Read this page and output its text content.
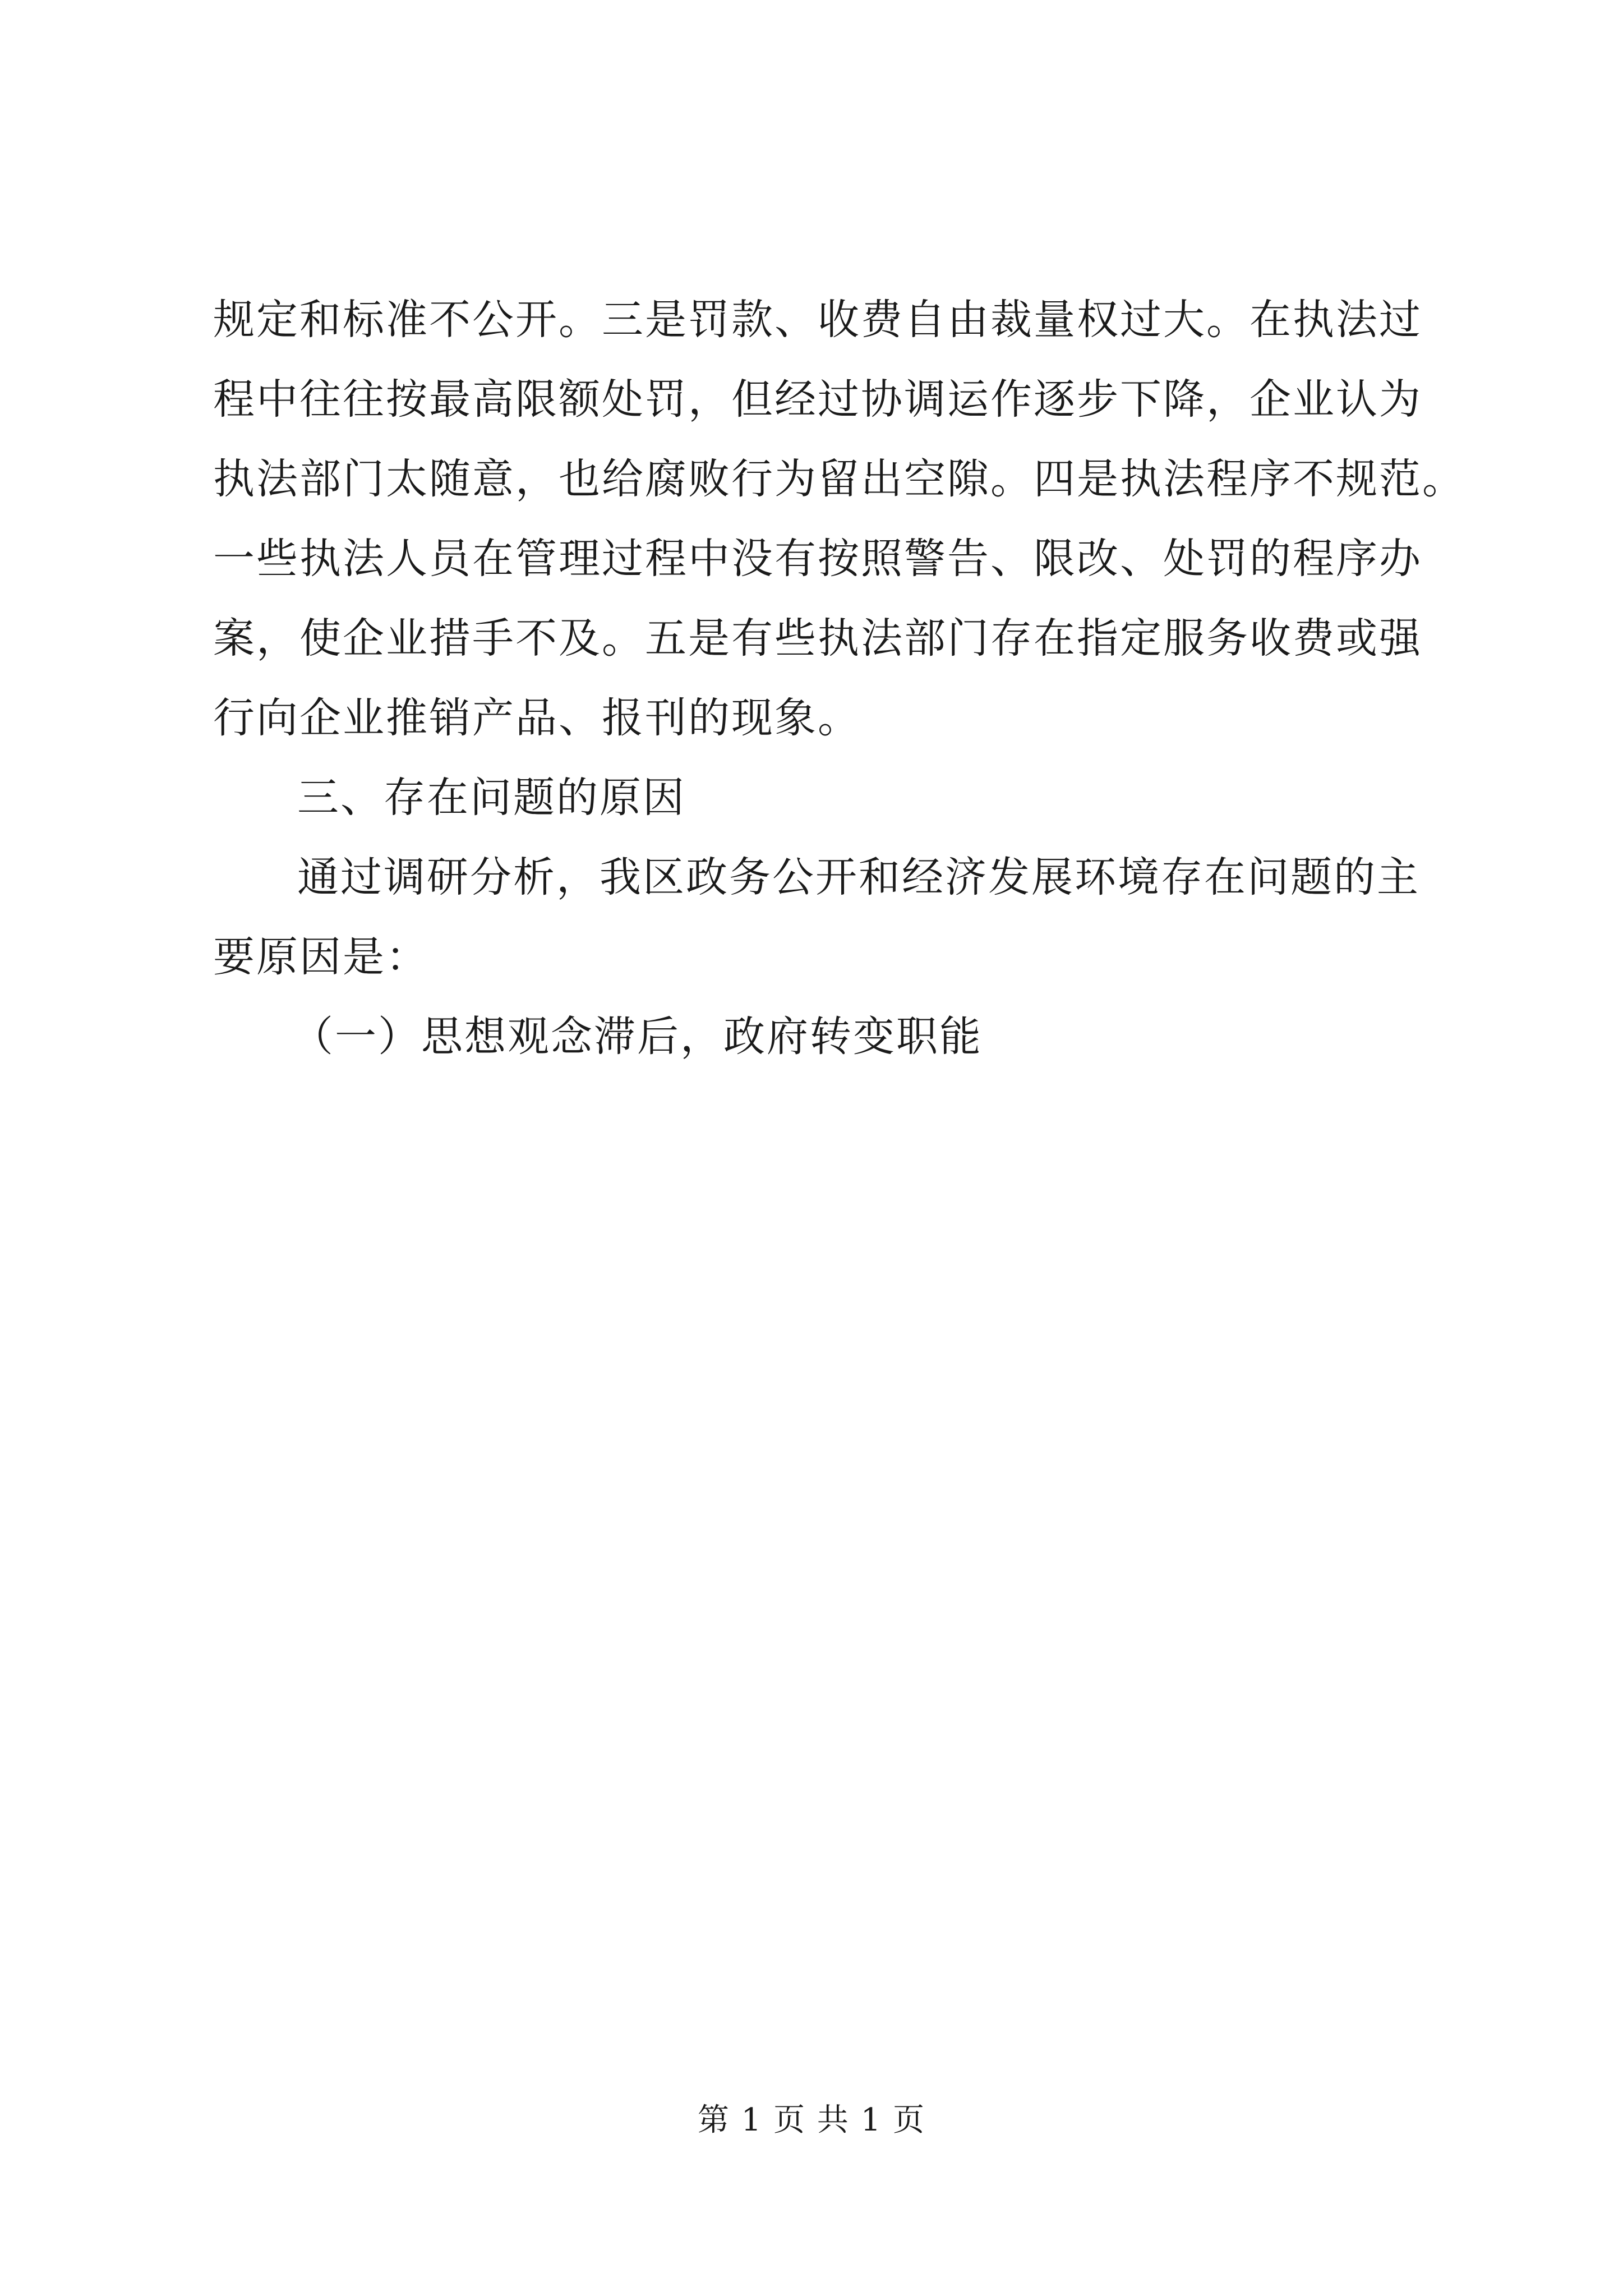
规定和标准不公开。三是罚款、收费自由裁量权过大。在执法过
程中往往按最高限额处罚，但经过协调运作逐步下降，企业认为
执法部门太随意，也给腐败行为留出空隙。四是执法程序不规范。
一些执法人员在管理过程中没有按照警告、限改、处罚的程序办
案，使企业措手不及。五是有些执法部门存在指定服务收费或强
行向企业推销产品、报刊的现象。
三、存在问题的原因
通过调研分析，我区政务公开和经济发展环境存在问题的主
要原因是：
（一）思想观念滞后，政府转变职能
第 1 页 共 1 页
